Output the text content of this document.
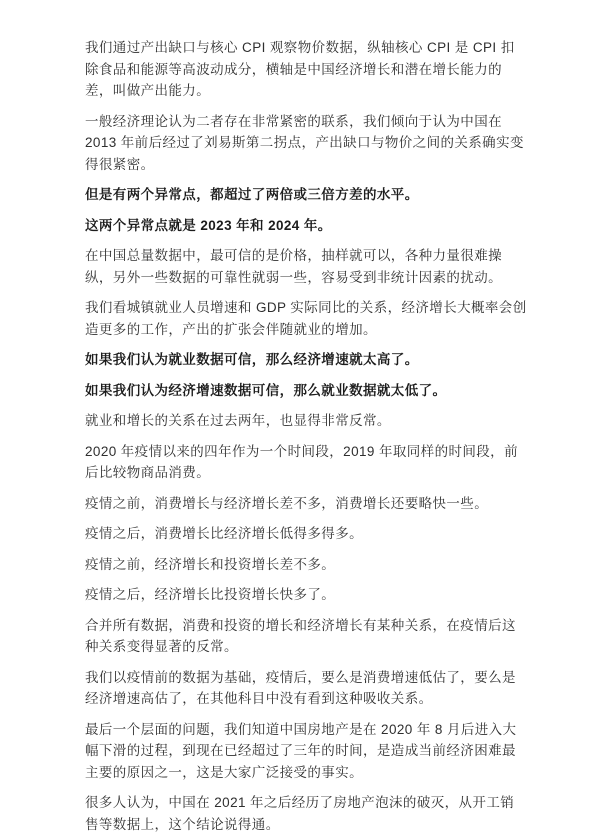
我们通过产出缺口与核心 CPI 观察物价数据，纵轴核心 CPI 是 CPI 扣除食品和能源等高波动成分，横轴是中国经济增长和潜在增长能力的差，叫做产出能力。

一般经济理论认为二者存在非常紧密的联系，我们倾向于认为中国在 2013 年前后经过了刘易斯第二拐点，产出缺口与物价之间的关系确实变得很紧密。

但是有两个异常点，都超过了两倍或三倍方差的水平。

这两个异常点就是 2023 年和 2024 年。

在中国总量数据中，最可信的是价格，抽样就可以，各种力量很难操纵，另外一些数据的可靠性就弱一些，容易受到非统计因素的扰动。

我们看城镇就业人员增速和 GDP 实际同比的关系，经济增长大概率会创造更多的工作，产出的扩张会伴随就业的增加。

如果我们认为就业数据可信，那么经济增速就太高了。

如果我们认为经济增速数据可信，那么就业数据就太低了。

就业和增长的关系在过去两年，也显得非常反常。

2020 年疫情以来的四年作为一个时间段，2019 年取同样的时间段，前后比较物商品消费。

疫情之前，消费增长与经济增长差不多，消费增长还要略快一些。

疫情之后，消费增长比经济增长低得多得多。

疫情之前，经济增长和投资增长差不多。

疫情之后，经济增长比投资增长快多了。

合并所有数据，消费和投资的增长和经济增长有某种关系，在疫情后这种关系变得显著的反常。

我们以疫情前的数据为基础，疫情后，要么是消费增速低估了，要么是经济增速高估了，在其他科目中没有看到这种吸收关系。

最后一个层面的问题，我们知道中国房地产是在 2020 年 8 月后进入大幅下滑的过程，到现在已经超过了三年的时间，是造成当前经济困难最主要的原因之一，这是大家广泛接受的事实。

很多人认为，中国在 2021 年之后经历了房地产泡沫的破灭，从开工销售等数据上，这个结论说得通。
